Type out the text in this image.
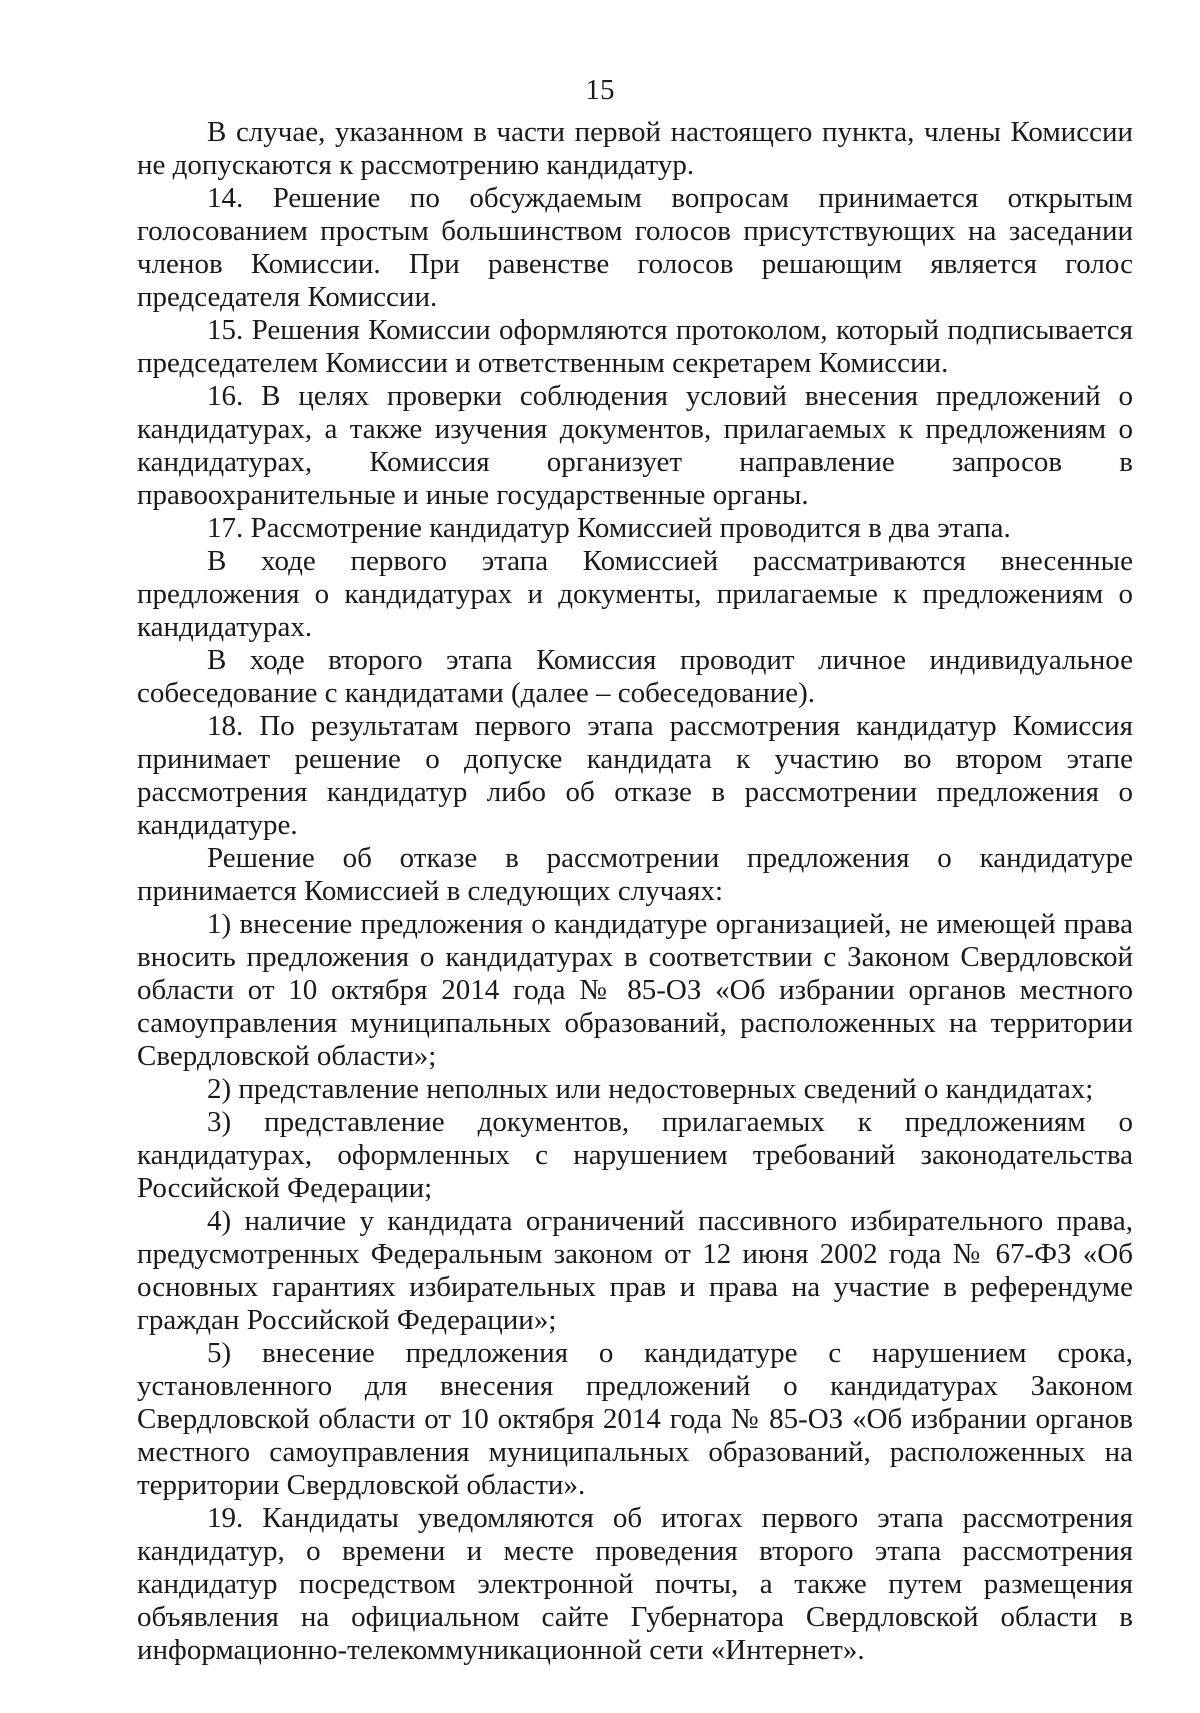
15

В случае, указанном в части первой настоящего пункта, члены Комиссии не допускаются к рассмотрению кандидатур.

14. Решение по обсуждаемым вопросам принимается открытым голосованием простым большинством голосов присутствующих на заседании членов Комиссии. При равенстве голосов решающим является голос председателя Комиссии.

15. Решения Комиссии оформляются протоколом, который подписывается председателем Комиссии и ответственным секретарем Комиссии.

16. В целях проверки соблюдения условий внесения предложений о кандидатурах, а также изучения документов, прилагаемых к предложениям о кандидатурах, Комиссия организует направление запросов в правоохранительные и иные государственные органы.

17. Рассмотрение кандидатур Комиссией проводится в два этапа.

В ходе первого этапа Комиссией рассматриваются внесенные предложения о кандидатурах и документы, прилагаемые к предложениям о кандидатурах.

В ходе второго этапа Комиссия проводит личное индивидуальное собеседование с кандидатами (далее – собеседование).

18. По результатам первого этапа рассмотрения кандидатур Комиссия принимает решение о допуске кандидата к участию во втором этапе рассмотрения кандидатур либо об отказе в рассмотрении предложения о кандидатуре.

Решение об отказе в рассмотрении предложения о кандидатуре принимается Комиссией в следующих случаях:

1) внесение предложения о кандидатуре организацией, не имеющей права вносить предложения о кандидатурах в соответствии с Законом Свердловской области от 10 октября 2014 года № 85-ОЗ «Об избрании органов местного самоуправления муниципальных образований, расположенных на территории Свердловской области»;

2) представление неполных или недостоверных сведений о кандидатах;

3) представление документов, прилагаемых к предложениям о кандидатурах, оформленных с нарушением требований законодательства Российской Федерации;

4) наличие у кандидата ограничений пассивного избирательного права, предусмотренных Федеральным законом от 12 июня 2002 года № 67-ФЗ «Об основных гарантиях избирательных прав и права на участие в референдуме граждан Российской Федерации»;

5) внесение предложения о кандидатуре с нарушением срока, установленного для внесения предложений о кандидатурах Законом Свердловской области от 10 октября 2014 года № 85-ОЗ «Об избрании органов местного самоуправления муниципальных образований, расположенных на территории Свердловской области».

19. Кандидаты уведомляются об итогах первого этапа рассмотрения кандидатур, о времени и месте проведения второго этапа рассмотрения кандидатур посредством электронной почты, а также путем размещения объявления на официальном сайте Губернатора Свердловской области в информационно-телекоммуникационной сети «Интернет».
